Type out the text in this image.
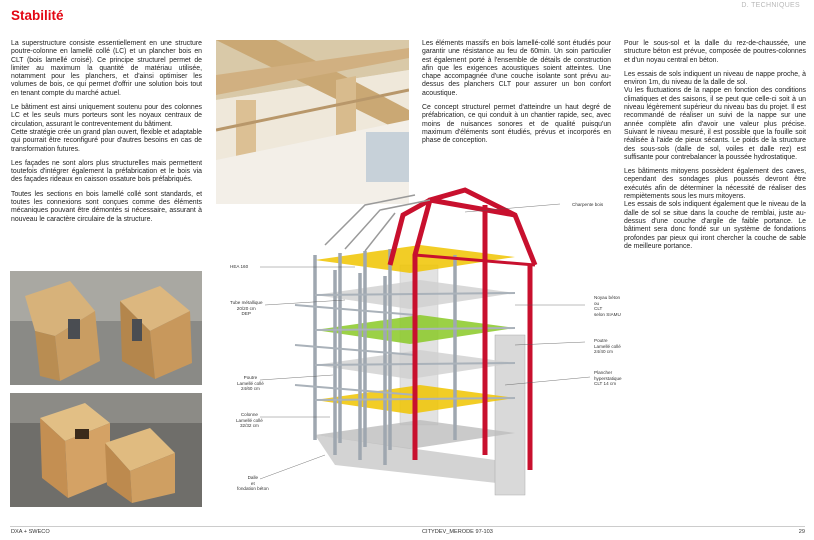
D. TECHNIQUES
Stabilité

La superstructure consiste essentiellement en une structure poutre-colonne en lamellé collé (LC) et un plancher bois en CLT (bois lamellé croisé). Ce principe structurel permet de limiter au maximum la quantité de matériau utilisée, notamment pour les planchers, et d'ainsi optimiser les volumes de bois, ce qui permet d'offrir une solution bois tout en tenant compte du marché actuel.

Le bâtiment est ainsi uniquement soutenu pour des colonnes LC et les seuls murs porteurs sont les noyaux centraux de circulation, assurant le contreventement du bâtiment.

Cette stratégie crée un grand plan ouvert, flexible et adaptable qui pourrait être reconfiguré pour d'autres besoins en cas de transformation futures.

Les façades ne sont alors plus structurelles mais permettent toutefois d'intégrer également la préfabrication et le bois via des façades rideaux en caisson ossature bois préfabriqués.

Toutes les sections en bois lamellé collé sont standards, et toutes les connexions sont conçues comme des éléments mécaniques pouvant être démontés si nécessaire, assurant à nouveau le caractère circulaire de la structure.

Les éléments massifs en bois lamellé-collé sont étudiés pour garantir une résistance au feu de 60min. Un soin particulier est également porté à l'ensemble de détails de construction afin que les exigences acoustiques soient atteintes. Une chape accompagnée d'une couche isolante sont prévu au-dessus des planchers CLT pour assurer un bon confort acoustique.

Ce concept structurel permet d'atteindre un haut degré de préfabrication, ce qui conduit à un chantier rapide, sec, avec moins de nuisances sonores et de qualité puisqu'un maximum d'éléments sont étudiés, prévus et incorporés en phase de conception.

Pour le sous-sol et la dalle du rez-de-chaussée, une structure béton est prévue, composée de poutres-colonnes et d'un noyau central en béton.

Les essais de sols indiquent un niveau de nappe proche, à environ 1m, du niveau de la dalle de sol.

Vu les fluctuations de la nappe en fonction des conditions climatiques et des saisons, il se peut que celle-ci soit à un niveau légèrement supérieur du niveau bas du projet. Il est recommandé de réaliser un suivi de la nappe sur une année complète afin d'avoir une valeur plus précise. Suivant le niveau mesuré, il est possible que la fouille soit réalisée à l'aide de pieux sécants. Le poids de la structure des sous-sols (dalle de sol, voiles et dalle rez) est suffisante pour contrebalancer la poussée hydrostatique.

Les bâtiments mitoyens possèdent également des caves, cependant des sondages plus poussés devront être exécutés afin de déterminer la nécessité de réaliser des rempiètements sous les murs mitoyens.

Les essais de sols indiquent également que le niveau de la dalle de sol se situe dans la couche de remblai, juste au-dessus d'une couche d'argile de faible portance. Le bâtiment sera donc fondé sur un système de fondations profondes par pieux qui iront chercher la couche de sable de meilleure portance.

Charpente bois
HEA 160
Tube métallique
20/20 cm
DEP
Poutre
Lamellé collé
24/60 cm
Colonne
Lamellé collé
32/32 cm
Dalle
et
fondation béton
Noyau béton
ou
CLT
selon SIAMU
Poutre
Lamellé collé
24/40 cm
Plancher
hyperstatique
CLT 14 cm
DXA + SWECO	CITYDEV_MERODE 97-103	29
